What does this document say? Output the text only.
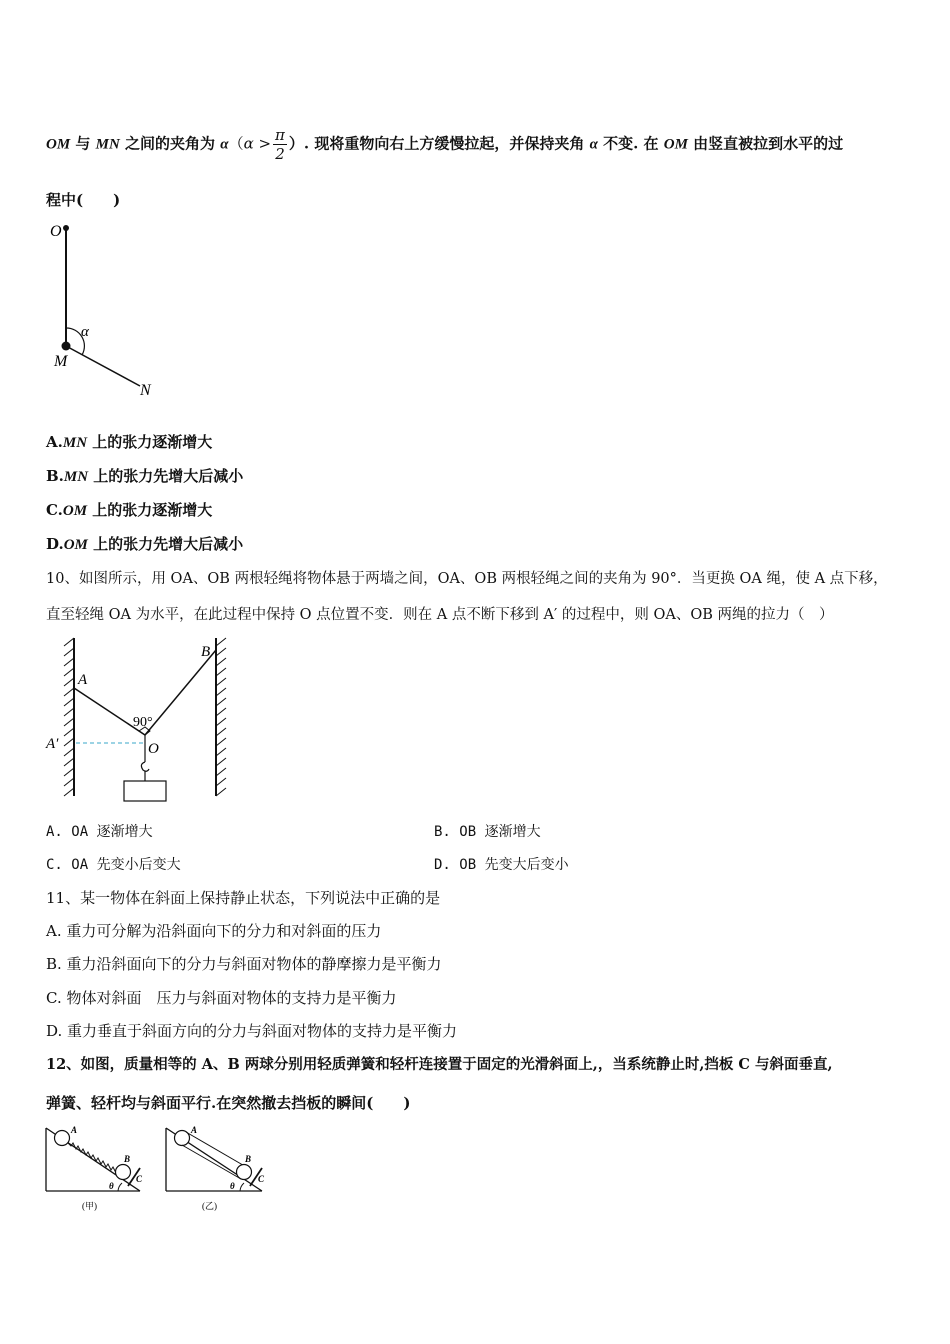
OM 与 MN 之间的夹角为 $\alpha(\alpha > \frac{\pi}{2}$ ）. 现将重物向右上方缓慢拉起，并保持夹角 α 不变. 在 OM 由竖直被拉到水平的过
程中(　　)
O
α
M
N
A.MN 上的张力逐渐增大
B.MN 上的张力先增大后减小
C.OM 上的张力逐渐增大
D.OM 上的张力先增大后减小
10、如图所示，用 OA、OB 两根轻绳将物体悬于两墙之间，OA、OB 两根轻绳之间的夹角为 90°．当更换 OA 绳，使 A 点下移，
直至轻绳 OA 为水平，在此过程中保持 O 点位置不变．则在 A 点不断下移到 A′ 的过程中，则 OA、OB 两绳的拉力（　）
A
B
A′	O
90°
A. OA 逐渐增大	B. OB 逐渐增大
C. OA 先变小后变大	D. OB 先变大后变小
11、某一物体在斜面上保持静止状态，下列说法中正确的是
A. 重力可分解为沿斜面向下的分力和对斜面的压力
B. 重力沿斜面向下的分力与斜面对物体的静摩擦力是平衡力
C. 物体对斜面　压力与斜面对物体的支持力是平衡力
D. 重力垂直于斜面方向的分力与斜面对物体的支持力是平衡力
12、如图，质量相等的 A、B 两球分别用轻质弹簧和轻杆连接置于固定的光滑斜面上,，当系统静止时,挡板 C 与斜面垂直,
弹簧、轻杆均与斜面平行.在突然撤去挡板的瞬间(　　)
A
B
C
θ
(甲)
A
B
C
θ
(乙)
